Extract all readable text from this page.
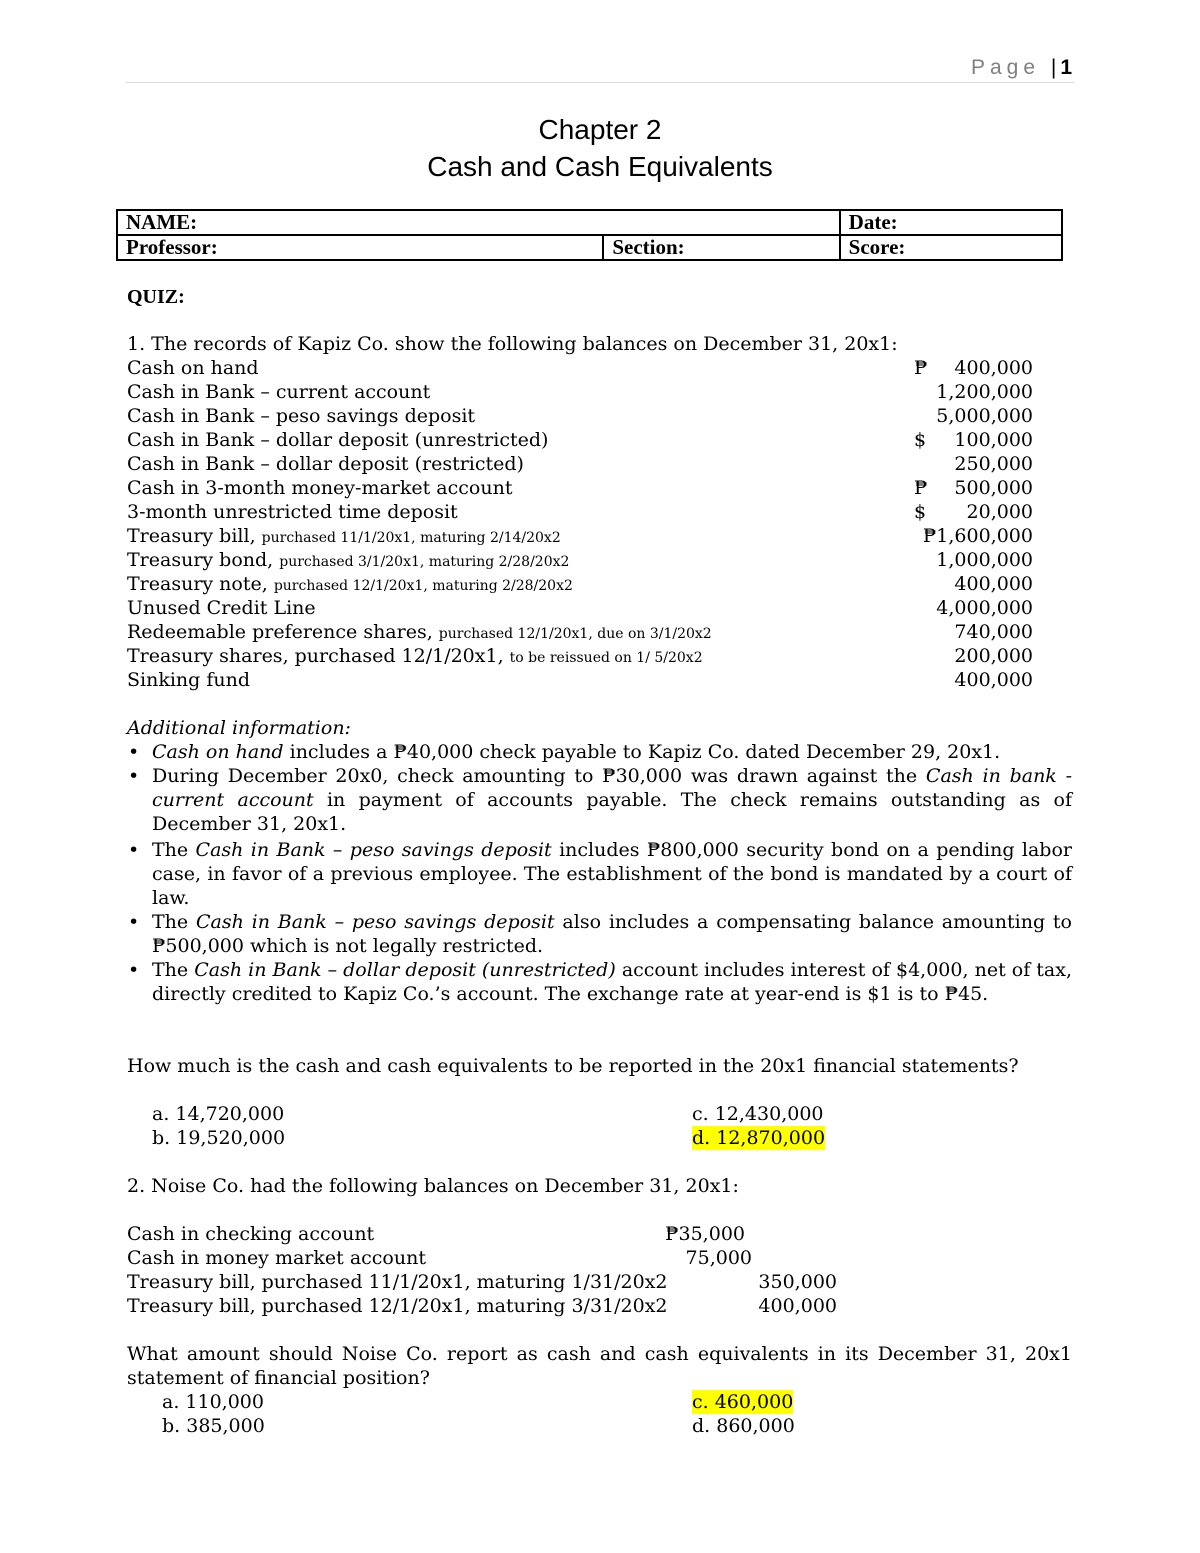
Page | 1
Chapter 2
Cash and Cash Equivalents
NAME:		Date:
Professor:	Section:	Score:
QUIZ:
1. The records of Kapiz Co. show the following balances on December 31, 20x1:
Cash on hand	₱ 400,000
Cash in Bank – current account	1,200,000
Cash in Bank – peso savings deposit	5,000,000
Cash in Bank – dollar deposit (unrestricted)	$ 100,000
Cash in Bank – dollar deposit (restricted)	250,000
Cash in 3-month money-market account	₱ 500,000
3-month unrestricted time deposit	$ 20,000
Treasury bill, purchased 11/1/20x1, maturing 2/14/20x2	₱1,600,000
Treasury bond, purchased 3/1/20x1, maturing 2/28/20x2	1,000,000
Treasury note, purchased 12/1/20x1, maturing 2/28/20x2	400,000
Unused Credit Line	4,000,000
Redeemable preference shares, purchased 12/1/20x1, due on 3/1/20x2	740,000
Treasury shares, purchased 12/1/20x1, to be reissued on 1/ 5/20x2	200,000
Sinking fund	400,000
Additional information:
• Cash on hand includes a ₱40,000 check payable to Kapiz Co. dated December 29, 20x1.
• During December 20x0, check amounting to ₱30,000 was drawn against the Cash in bank - current account in payment of accounts payable. The check remains outstanding as of December 31, 20x1.
• The Cash in Bank – peso savings deposit includes ₱800,000 security bond on a pending labor case, in favor of a previous employee. The establishment of the bond is mandated by a court of law.
• The Cash in Bank – peso savings deposit also includes a compensating balance amounting to ₱500,000 which is not legally restricted.
• The Cash in Bank – dollar deposit (unrestricted) account includes interest of $4,000, net of tax, directly credited to Kapiz Co.’s account. The exchange rate at year-end is $1 is to ₱45.
How much is the cash and cash equivalents to be reported in the 20x1 financial statements?
a. 14,720,000
b. 19,520,000
c. 12,430,000
d. 12,870,000
2. Noise Co. had the following balances on December 31, 20x1:
Cash in checking account	₱35,000
Cash in money market account	75,000
Treasury bill, purchased 11/1/20x1, maturing 1/31/20x2	350,000
Treasury bill, purchased 12/1/20x1, maturing 3/31/20x2	400,000
What amount should Noise Co. report as cash and cash equivalents in its December 31, 20x1 statement of financial position?
a. 110,000
b. 385,000
c. 460,000
d. 860,000
